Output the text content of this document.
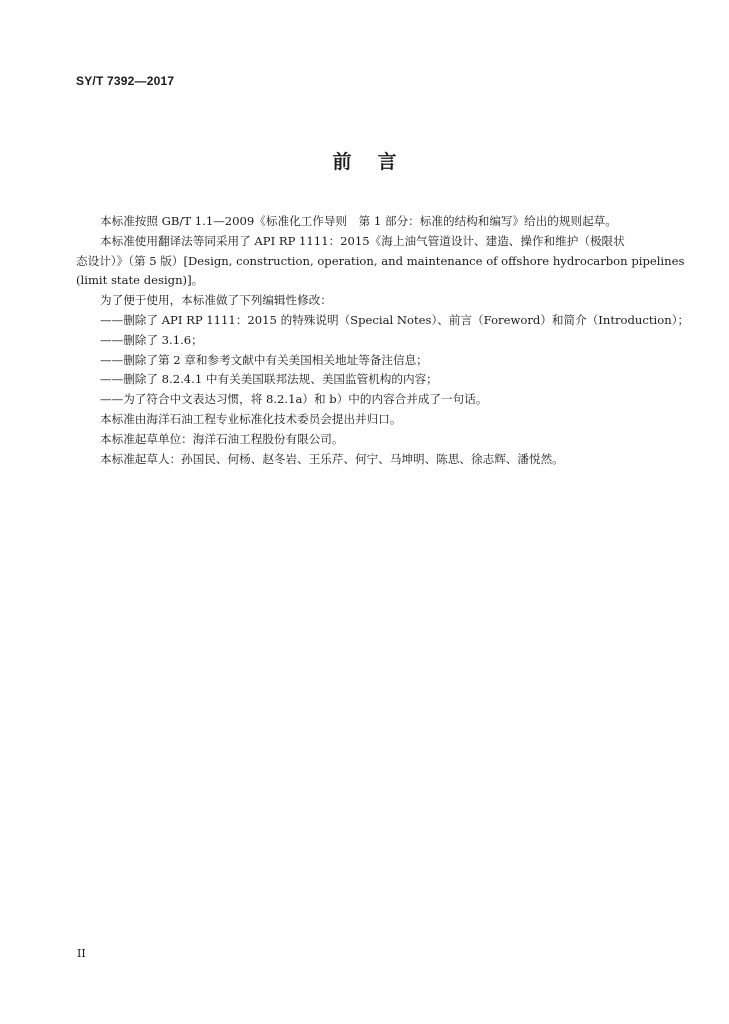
SY/T 7392—2017
前言

本标准按照 GB/T 1.1—2009《标准化工作导则　第 1 部分：标准的结构和编写》给出的规则起草。

本标准使用翻译法等同采用了 API RP 1111：2015《海上油气管道设计、建造、操作和维护（极限状

态设计）》（第 5 版）[Design, construction, operation, and maintenance of offshore hydrocarbon pipelines

(limit state design)]。

为了便于使用，本标准做了下列编辑性修改：

——删除了 API RP 1111：2015 的特殊说明（Special Notes）、前言（Foreword）和简介（Introduction）；

——删除了 3.1.6；

——删除了第 2 章和参考文献中有关美国相关地址等备注信息；

——删除了 8.2.4.1 中有关美国联邦法规、美国监管机构的内容；

——为了符合中文表达习惯，将 8.2.1a）和 b）中的内容合并成了一句话。

本标准由海洋石油工程专业标准化技术委员会提出并归口。

本标准起草单位：海洋石油工程股份有限公司。

本标准起草人：孙国民、何杨、赵冬岩、王乐芹、何宁、马坤明、陈思、徐志辉、潘悦然。

II
